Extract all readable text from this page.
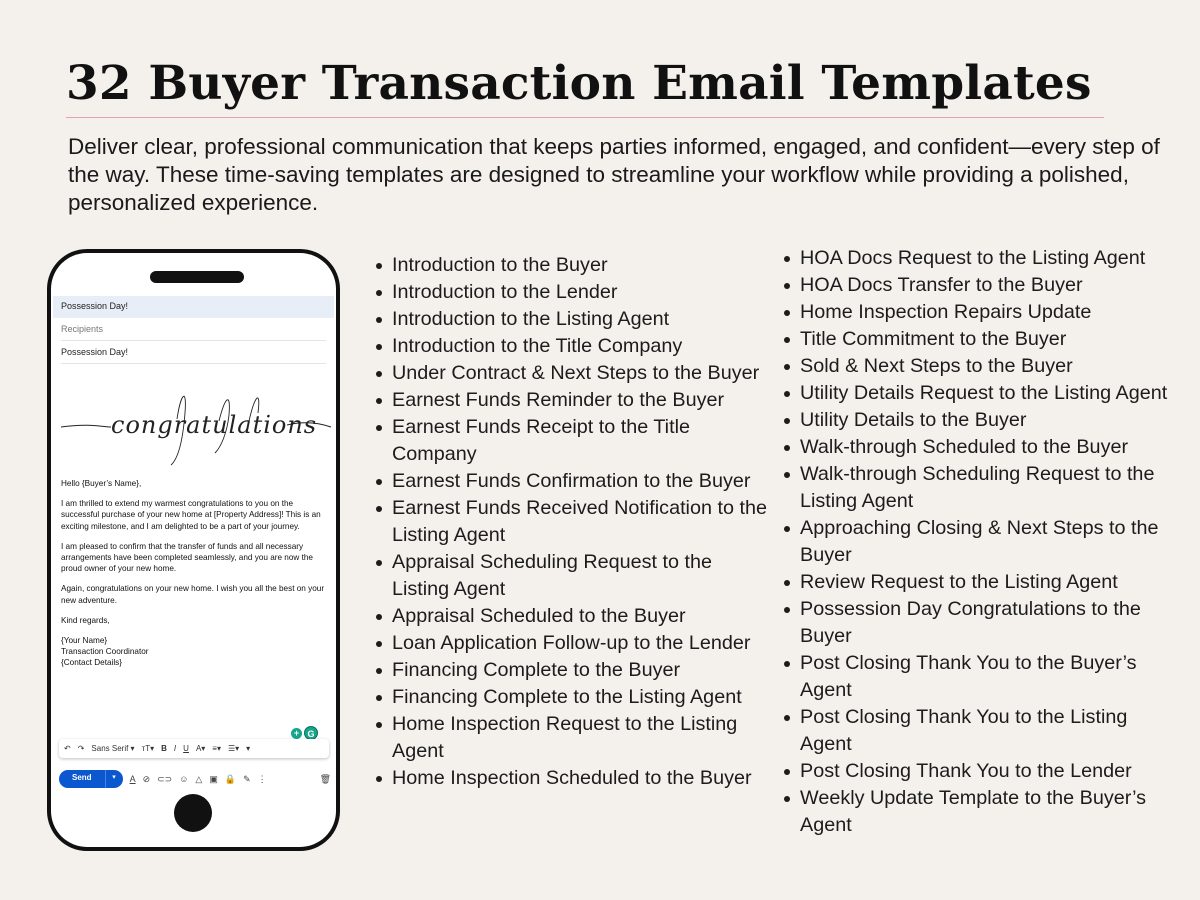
32 Buyer Transaction Email Templates

Deliver clear, professional communication that keeps parties informed, engaged, and confident—every step of the way. These time-saving templates are designed to streamline your workflow while providing a polished, personalized experience.

Possession Day!
Recipients
Possession Day!
congratulations

Hello {Buyer’s Name},

I am thrilled to extend my warmest congratulations to you on the successful purchase of your new home at [Property Address]! This is an exciting milestone, and I am delighted to be a part of your journey.

I am pleased to confirm that the transfer of funds and all necessary arrangements have been completed seamlessly, and you are now the proud owner of your new home.

Again, congratulations on your new home. I wish you all the best on your new adventure.

Kind regards,

{Your Name}
Transaction Coordinator
{Contact Details}
+ G
↶ ↷ Sans Serif ▾ тT▾ B I U A▾ ≡▾ ☰▾ ▾
Send	▾	A ⊘ ⊂⊃ ☺ △ ▣ 🔒 ✎ ⋮	🗑
Introduction to the Buyer
Introduction to the Lender
Introduction to the Listing Agent
Introduction to the Title Company
Under Contract & Next Steps to the Buyer
Earnest Funds Reminder to the Buyer
Earnest Funds Receipt to the Title Company
Earnest Funds Confirmation to the Buyer
Earnest Funds Received Notification to the Listing Agent
Appraisal Scheduling Request to the Listing Agent
Appraisal Scheduled to the Buyer
Loan Application Follow-up to the Lender
Financing Complete to the Buyer
Financing Complete to the Listing Agent
Home Inspection Request to the Listing Agent
Home Inspection Scheduled to the Buyer
HOA Docs Request to the Listing Agent
HOA Docs Transfer to the Buyer
Home Inspection Repairs Update
Title Commitment to the Buyer
Sold & Next Steps to the Buyer
Utility Details Request to the Listing Agent
Utility Details to the Buyer
Walk-through Scheduled to the Buyer
Walk-through Scheduling Request to the Listing Agent
Approaching Closing & Next Steps to the Buyer
Review Request to the Listing Agent
Possession Day Congratulations to the Buyer
Post Closing Thank You to the Buyer’s Agent
Post Closing Thank You to the Listing Agent
Post Closing Thank You to the Lender
Weekly Update Template to the Buyer’s Agent
